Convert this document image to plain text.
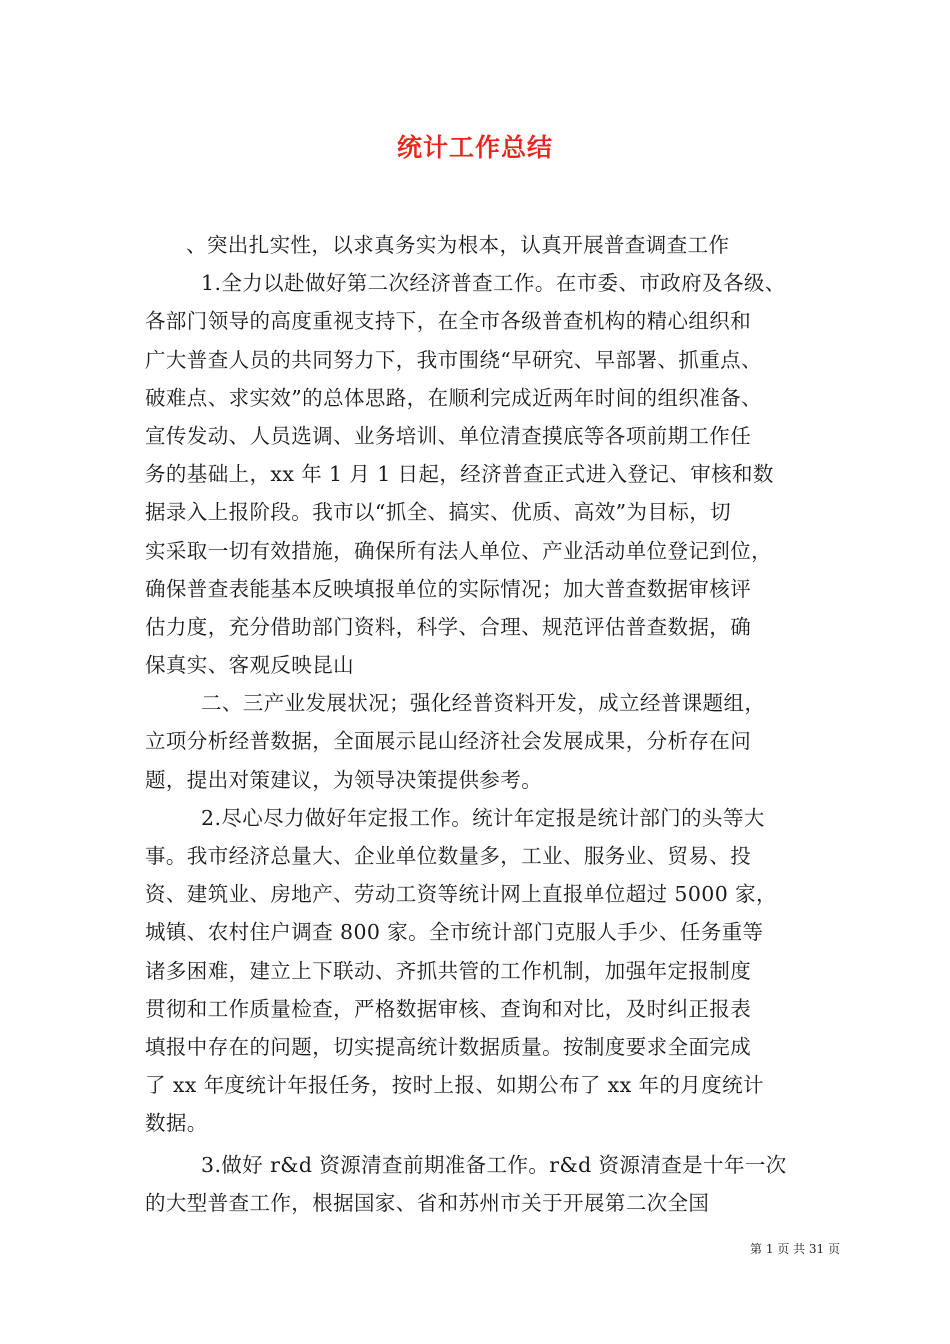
统计工作总结
、突出扎实性，以求真务实为根本，认真开展普查调查工作
1.全力以赴做好第二次经济普查工作。在市委、市政府及各级、
各部门领导的高度重视支持下，在全市各级普查机构的精心组织和
广大普查人员的共同努力下，我市围绕“早研究、早部署、抓重点、
破难点、求实效”的总体思路，在顺利完成近两年时间的组织准备、
宣传发动、人员选调、业务培训、单位清查摸底等各项前期工作任
务的基础上，xx 年 1 月 1 日起，经济普查正式进入登记、审核和数
据录入上报阶段。我市以“抓全、搞实、优质、高效”为目标，切
实采取一切有效措施，确保所有法人单位、产业活动单位登记到位，
确保普查表能基本反映填报单位的实际情况；加大普查数据审核评
估力度，充分借助部门资料，科学、合理、规范评估普查数据，确
保真实、客观反映昆山
二、三产业发展状况；强化经普资料开发，成立经普课题组，
立项分析经普数据，全面展示昆山经济社会发展成果，分析存在问
题，提出对策建议，为领导决策提供参考。
2.尽心尽力做好年定报工作。统计年定报是统计部门的头等大
事。我市经济总量大、企业单位数量多，工业、服务业、贸易、投
资、建筑业、房地产、劳动工资等统计网上直报单位超过 5000 家，
城镇、农村住户调查 800 家。全市统计部门克服人手少、任务重等
诸多困难，建立上下联动、齐抓共管的工作机制，加强年定报制度
贯彻和工作质量检查，严格数据审核、查询和对比，及时纠正报表
填报中存在的问题，切实提高统计数据质量。按制度要求全面完成
了 xx 年度统计年报任务，按时上报、如期公布了 xx 年的月度统计
数据。
3.做好 r&d 资源清查前期准备工作。r&d 资源清查是十年一次
的大型普查工作，根据国家、省和苏州市关于开展第二次全国
第 1 页 共 31 页
